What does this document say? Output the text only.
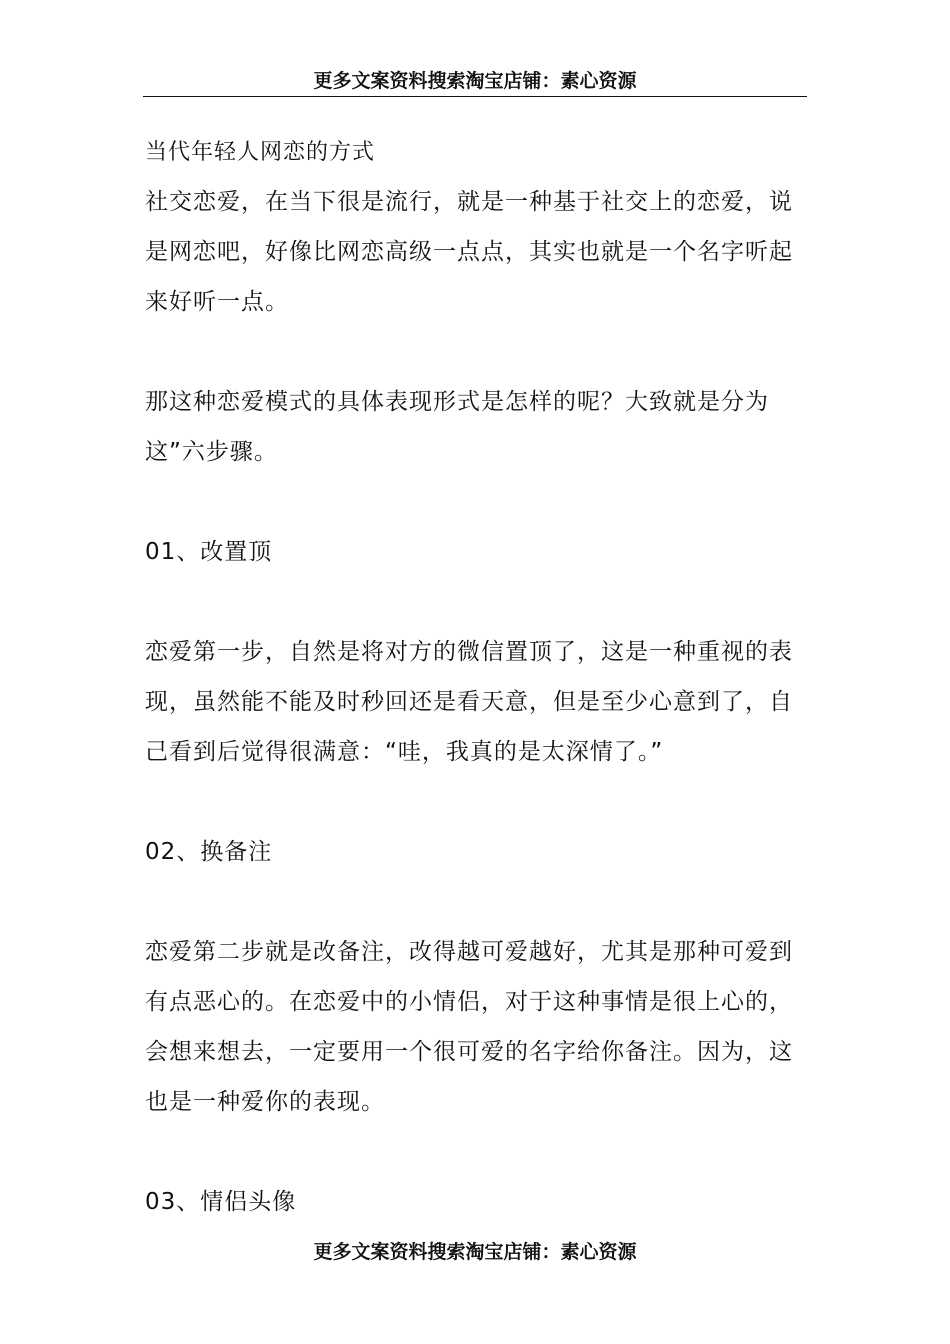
更多文案资料搜索淘宝店铺：素心资源

当代年轻人网恋的方式

社交恋爱，在当下很是流行，就是一种基于社交上的恋爱，说是网恋吧，好像比网恋高级一点点，其实也就是一个名字听起来好听一点。

那这种恋爱模式的具体表现形式是怎样的呢？大致就是分为这”六步骤。

01、改置顶

恋爱第一步，自然是将对方的微信置顶了，这是一种重视的表现，虽然能不能及时秒回还是看天意，但是至少心意到了，自己看到后觉得很满意：“哇，我真的是太深情了。”

02、换备注

恋爱第二步就是改备注，改得越可爱越好，尤其是那种可爱到有点恶心的。在恋爱中的小情侣，对于这种事情是很上心的，会想来想去，一定要用一个很可爱的名字给你备注。因为，这也是一种爱你的表现。

03、情侣头像

更多文案资料搜索淘宝店铺：素心资源
